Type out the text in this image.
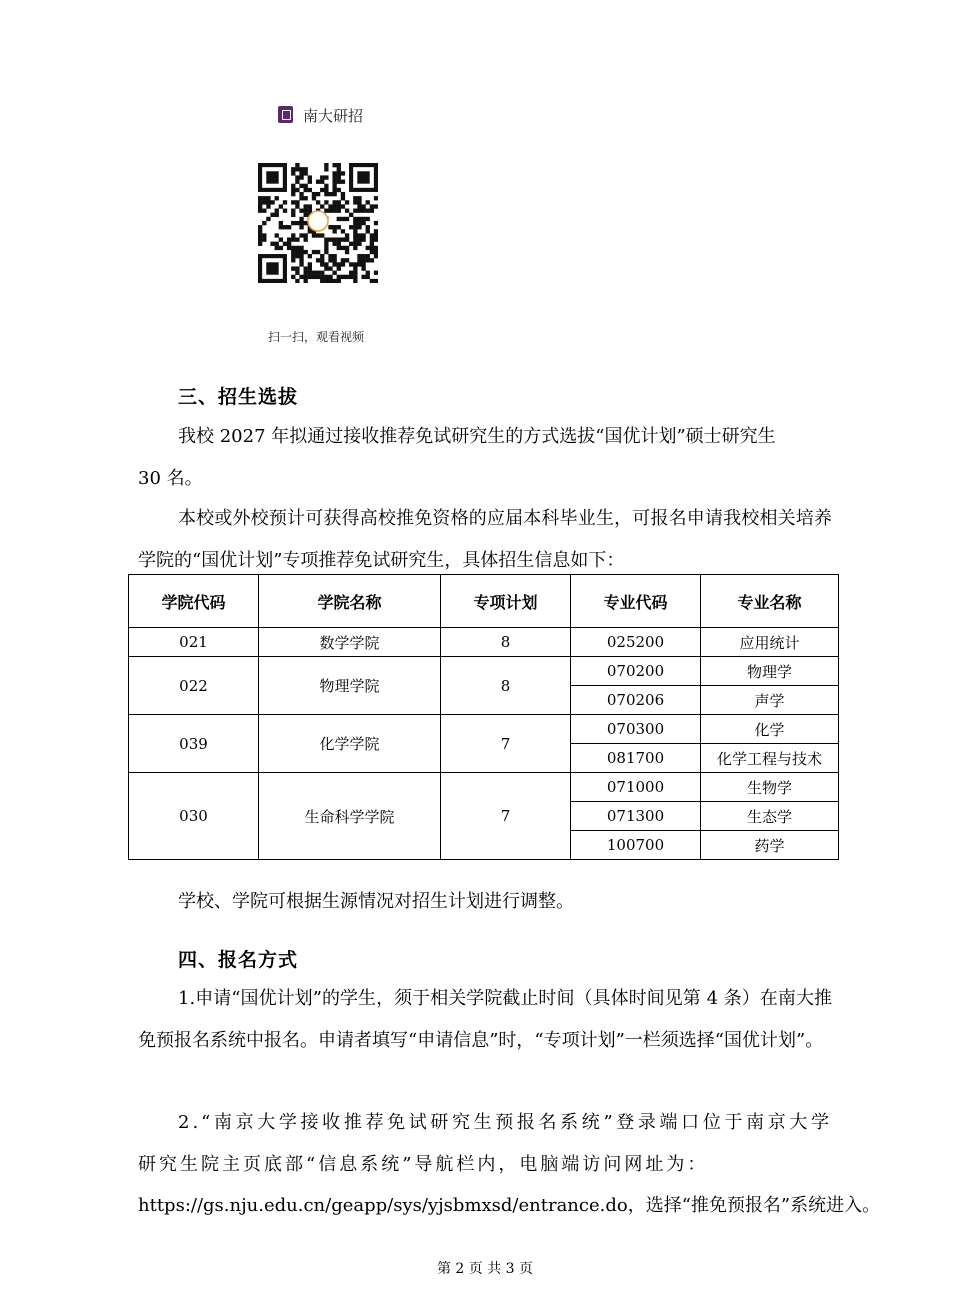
南大研招
扫一扫，观看视频
三、招生选拔

我校 2027 年拟通过接收推荐免试研究生的方式选拔“国优计划”硕士研究生

30 名。

本校或外校预计可获得高校推免资格的应届本科毕业生，可报名申请我校相关培养学院的“国优计划”专项推荐免试研究生，具体招生信息如下：

学院代码	学院名称	专项计划	专业代码	专业名称
021	数学学院	8	025200	应用统计
022	物理学院	8	070200	物理学
			070206	声学
039	化学学院	7	070300	化学
			081700	化学工程与技术
030	生命科学学院	7	071000	生物学
			071300	生态学
			100700	药学

学校、学院可根据生源情况对招生计划进行调整。

四、报名方式

1.申请“国优计划”的学生，须于相关学院截止时间（具体时间见第 4 条）在南大推免预报名系统中报名。申请者填写“申请信息”时，“专项计划”一栏须选择“国优计划”。

2.“南京大学接收推荐免试研究生预报名系统”登录端口位于南京大学研究生院主页底部“信息系统”导航栏内，电脑端访问网址为：

https://gs.nju.edu.cn/geapp/sys/yjsbmxsd/entrance.do，选择“推免预报名”系统进入。

第 2 页 共 3 页
